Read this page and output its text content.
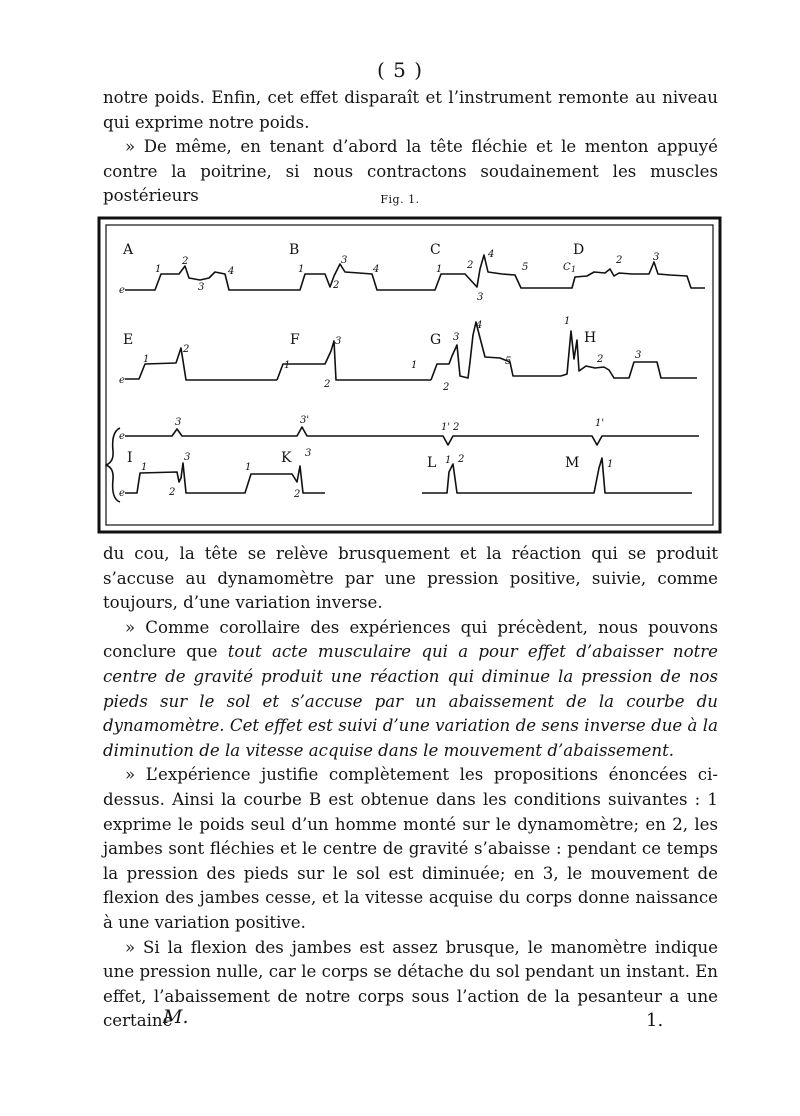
( 5 )

notre poids. Enfin, cet effet disparaît et l’instrument remonte au niveau qui exprime notre poids.

» De même, en tenant d’abord la tête fléchie et le menton appuyé contre la poitrine, si nous contractons soudainement les muscles postérieurs	Fig. 1.
A	B	C	D
E	F	G	H
I	K	L	M
e
e
e
e
1
2
3
4	1
2
3
4	1 2
3
4
5	C 1
2	3
1
2
1
2
3
1
2
3
4
5
1
2	3
3	3'
1' 2	1'
1
2
3
1
2
3
1 2	1

du cou, la tête se relève brusquement et la réaction qui se produit s’accuse au dynamomètre par une pression positive, suivie, comme toujours, d’une variation inverse.

» Comme corollaire des expériences qui précèdent, nous pouvons conclure que tout acte musculaire qui a pour effet d’abaisser notre centre de gravité produit une réaction qui diminue la pression de nos pieds sur le sol et s’accuse par un abaissement de la courbe du dynamomètre. Cet effet est suivi d’une variation de sens inverse due à la diminution de la vitesse acquise dans le mouvement d’abaissement.

» L’expérience justifie complètement les propositions énoncées ci-dessus. Ainsi la courbe B est obtenue dans les conditions suivantes : 1 exprime le poids seul d’un homme monté sur le dynamomètre; en 2, les jambes sont fléchies et le centre de gravité s’abaisse : pendant ce temps la pression des pieds sur le sol est diminuée; en 3, le mouvement de flexion des jambes cesse, et la vitesse acquise du corps donne naissance à une variation positive.

» Si la flexion des jambes est assez brusque, le manomètre indique une pression nulle, car le corps se détache du sol pendant un instant. En effet, l’abaissement de notre corps sous l’action de la pesanteur a une certaine

M.	1.
